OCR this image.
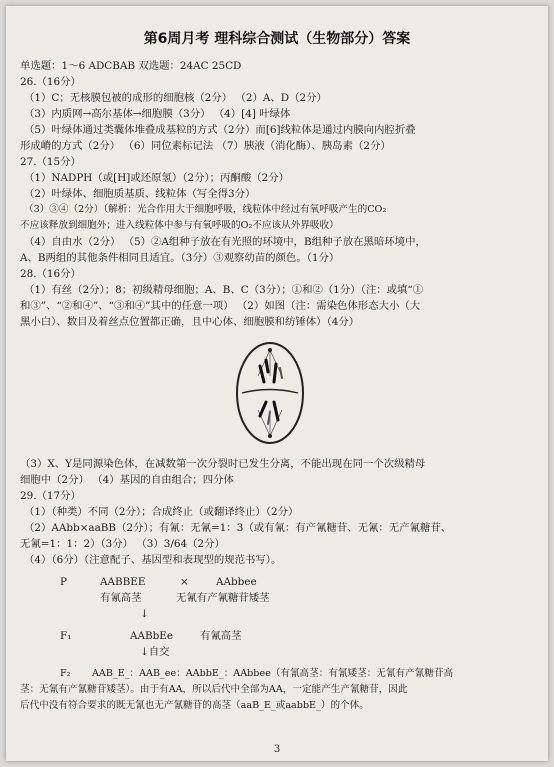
第6周月考 理科综合测试（生物部分）答案
单选题：1～6 ADCBAB 双选题：24AC 25CD
26.（16分）
（1）C；无核膜包被的成形的细胞核（2分） （2）A、D（2分）
（3）内质网→高尔基体→细胞膜（3分） （4）[4] 叶绿体
（5）叶绿体通过类囊体堆叠成基粒的方式（2分）而[6]线粒体是通过内膜向内腔折叠
形成嵴的方式（2分） （6）同位素标记法 （7）胰液（消化酶）、胰岛素（2分）
27.（15分）
（1）NADPH（或[H]或还原氢）（2分）；丙酮酸（2分）
（2）叶绿体、细胞质基质、线粒体（写全得3分）
（3）③④（2分）（解析：光合作用大于细胞呼吸，线粒体中经过有氧呼吸产生的CO₂
不应该释放到细胞外；进入线粒体中参与有氧呼吸的O₂不应该从外界吸收）
（4）自由水（2分） （5）②A组种子放在有光照的环境中，B组种子放在黑暗环境中，
A、B两组的其他条件相同且适宜。（3分）③观察幼苗的颜色。（1分）
28.（16分）
（1）有丝（2分）；8；初级精母细胞；A、B、C（3分）；①和②（1分）（注：或填“①
和③”、“②和④”、“③和④”其中的任意一项） （2）如图（注：需染色体形态大小（大
黑小白）、数目及着丝点位置都正确，且中心体、细胞膜和纺锤体）（4分）
（3）X、Y是同源染色体，在减数第一次分裂时已发生分离，不能出现在同一个次级精母
细胞中（2分） （4）基因的自由组合；四分体
29.（17分）
（1）（种类）不同（2分）；合成终止（或翻译终止）（2分）
（2）AAbb×aaBB（2分）；有氰：无氰=1：3（或有氰：有产氰糖苷、无氰：无产氰糖苷、
无氰=1：1：2）（3分） （3）3/64（2分）
（4）（6分）（注意配子、基因型和表现型的规范书写）。
P	AABBEE	×	AAbbee
有氰高茎	无氰有产氰糖苷矮茎
↓
F₁	AABbEe	有氰高茎
↓自交
F₂ AAB_E_：AAB_ee：AAbbE_：AAbbee（有氰高茎：有氰矮茎：无氰有产氰糖苷高
茎：无氰有产氰糖苷矮茎）。由于有AA，所以后代中全部为AA，一定能产生产氰糖苷，因此
后代中没有符合要求的既无氰也无产氰糖苷的高茎（aaB_E_或aabbE_）的个体。
3
